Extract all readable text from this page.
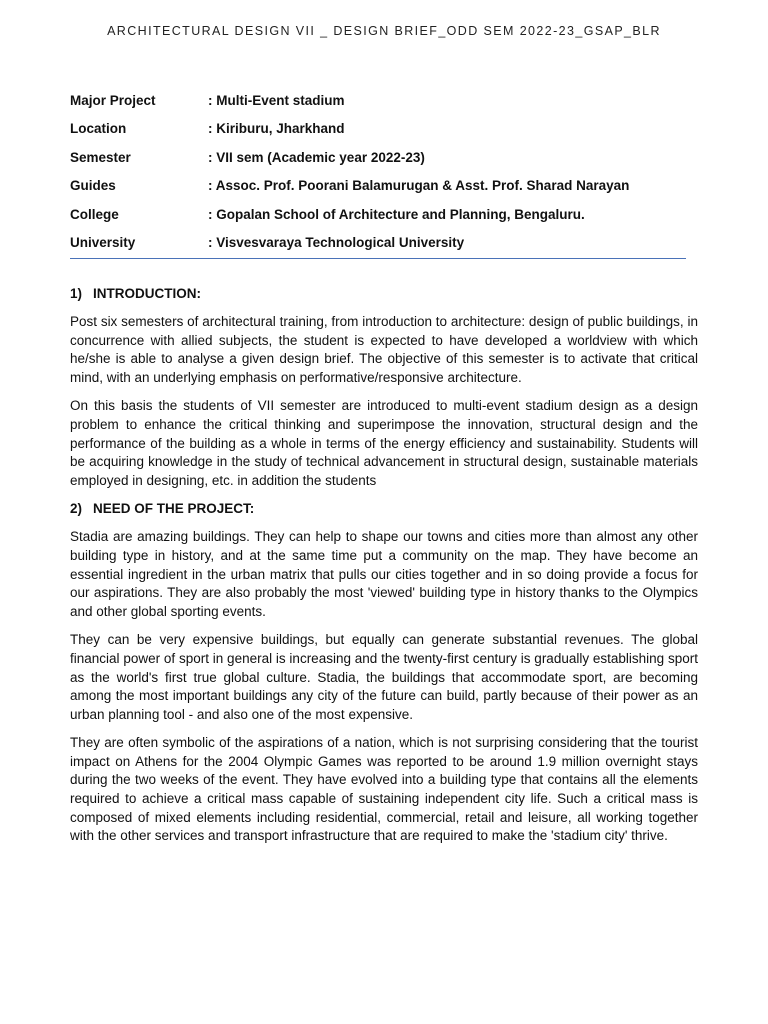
ARCHITECTURAL DESIGN VII _ DESIGN BRIEF_ODD SEM 2022-23_GSAP_BLR
Major Project	: Multi-Event stadium
Location	: Kiriburu, Jharkhand
Semester	: VII sem (Academic year 2022-23)
Guides	: Assoc. Prof. Poorani Balamurugan & Asst. Prof. Sharad Narayan
College	: Gopalan School of Architecture and Planning, Bengaluru.
University	: Visvesvaraya Technological University
1) INTRODUCTION:

Post six semesters of architectural training, from introduction to architecture: design of public buildings, in concurrence with allied subjects, the student is expected to have developed a worldview with which he/she is able to analyse a given design brief. The objective of this semester is to activate that critical mind, with an underlying emphasis on performative/responsive architecture.

On this basis the students of VII semester are introduced to multi-event stadium design as a design problem to enhance the critical thinking and superimpose the innovation, structural design and the performance of the building as a whole in terms of the energy efficiency and sustainability. Students will be acquiring knowledge in the study of technical advancement in structural design, sustainable materials employed in designing, etc. in addition the students

2) NEED OF THE PROJECT:

Stadia are amazing buildings. They can help to shape our towns and cities more than almost any other building type in history, and at the same time put a community on the map. They have become an essential ingredient in the urban matrix that pulls our cities together and in so doing provide a focus for our aspirations. They are also probably the most 'viewed' building type in history thanks to the Olympics and other global sporting events.

They can be very expensive buildings, but equally can generate substantial revenues. The global financial power of sport in general is increasing and the twenty-first century is gradually establishing sport as the world's first true global culture. Stadia, the buildings that accommodate sport, are becoming among the most important buildings any city of the future can build, partly because of their power as an urban planning tool - and also one of the most expensive.

They are often symbolic of the aspirations of a nation, which is not surprising considering that the tourist impact on Athens for the 2004 Olympic Games was reported to be around 1.9 million overnight stays during the two weeks of the event. They have evolved into a building type that contains all the elements required to achieve a critical mass capable of sustaining independent city life. Such a critical mass is composed of mixed elements including residential, commercial, retail and leisure, all working together with the other services and transport infrastructure that are required to make the 'stadium city' thrive.
